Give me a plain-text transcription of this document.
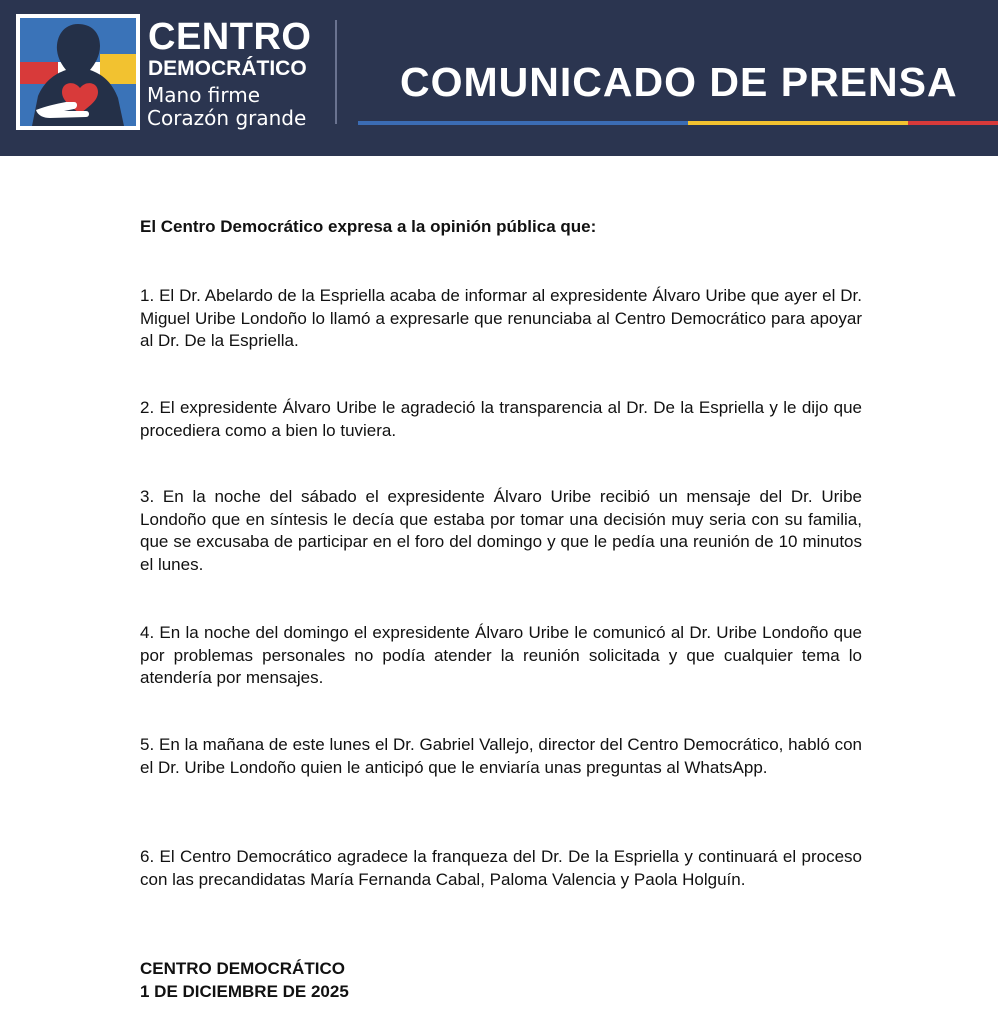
CENTRO
DEMOCRÁTICO
Mano firme
Corazón grande
COMUNICADO DE PRENSA
El Centro Democrático expresa a la opinión pública que:

1. El Dr. Abelardo de la Espriella acaba de informar al expresidente Álvaro Uribe que ayer el Dr. Miguel Uribe Londoño lo llamó a expresarle que renunciaba al Centro Democrático para apoyar al Dr. De la Espriella.

2. El expresidente Álvaro Uribe le agradeció la transparencia al Dr. De la Espriella y le dijo que procediera como a bien lo tuviera.

3. En la noche del sábado el expresidente Álvaro Uribe recibió un mensaje del Dr. Uribe Londoño que en síntesis le decía que estaba por tomar una decisión muy seria con su familia, que se excusaba de participar en el foro del domingo y que le pedía una reunión de 10 minutos el lunes.

4. En la noche del domingo el expresidente Álvaro Uribe le comunicó al Dr. Uribe Londoño que por problemas personales no podía atender la reunión solicitada y que cualquier tema lo atendería por mensajes.

5. En la mañana de este lunes el Dr. Gabriel Vallejo, director del Centro Democrático, habló con el Dr. Uribe Londoño quien le anticipó que le enviaría unas preguntas al WhatsApp.

6. El Centro Democrático agradece la franqueza del Dr. De la Espriella y continuará el proceso con las precandidatas María Fernanda Cabal, Paloma Valencia y Paola Holguín.

CENTRO DEMOCRÁTICO
1 DE DICIEMBRE DE 2025
